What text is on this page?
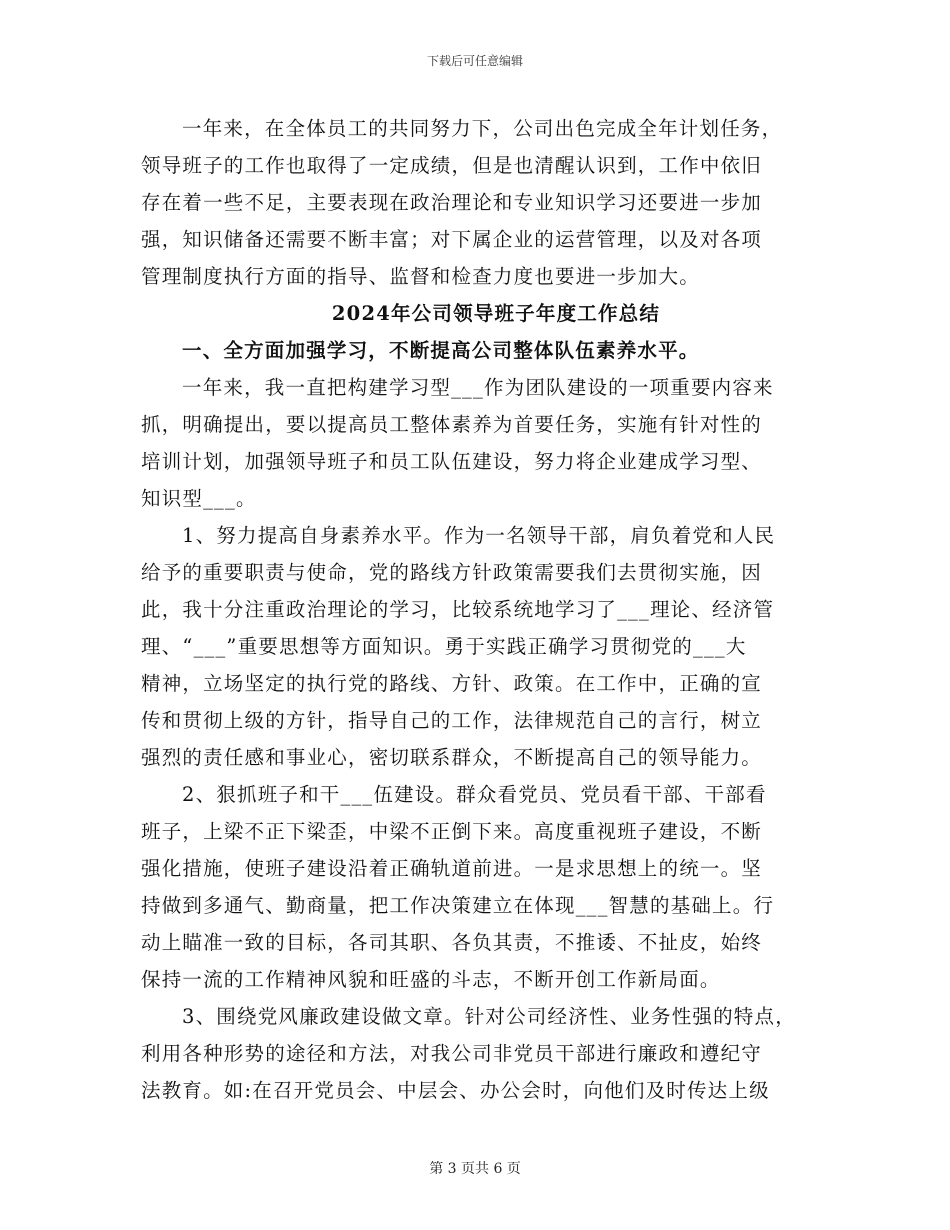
下载后可任意编辑
一年来，在全体员工的共同努力下，公司出色完成全年计划任务，
领导班子的工作也取得了一定成绩，但是也清醒认识到，工作中依旧
存在着一些不足，主要表现在政治理论和专业知识学习还要进一步加
强，知识储备还需要不断丰富；对下属企业的运营管理，以及对各项
管理制度执行方面的指导、监督和检查力度也要进一步加大。
2024年公司领导班子年度工作总结
一、全方面加强学习，不断提高公司整体队伍素养水平。
一年来，我一直把构建学习型___作为团队建设的一项重要内容来
抓，明确提出，要以提高员工整体素养为首要任务，实施有针对性的
培训计划，加强领导班子和员工队伍建设，努力将企业建成学习型、
知识型___。
1、努力提高自身素养水平。作为一名领导干部，肩负着党和人民
给予的重要职责与使命，党的路线方针政策需要我们去贯彻实施，因
此，我十分注重政治理论的学习，比较系统地学习了___理论、经济管
理、“___”重要思想等方面知识。勇于实践正确学习贯彻党的___大
精神，立场坚定的执行党的路线、方针、政策。在工作中，正确的宣
传和贯彻上级的方针，指导自己的工作，法律规范自己的言行，树立
强烈的责任感和事业心，密切联系群众，不断提高自己的领导能力。
2、狠抓班子和干___伍建设。群众看党员、党员看干部、干部看
班子，上梁不正下梁歪，中梁不正倒下来。高度重视班子建设，不断
强化措施，使班子建设沿着正确轨道前进。一是求思想上的统一。坚
持做到多通气、勤商量，把工作决策建立在体现___智慧的基础上。行
动上瞄准一致的目标，各司其职、各负其责，不推诿、不扯皮，始终
保持一流的工作精神风貌和旺盛的斗志，不断开创工作新局面。
3、围绕党风廉政建设做文章。针对公司经济性、业务性强的特点，
利用各种形势的途径和方法，对我公司非党员干部进行廉政和遵纪守
法教育。如:在召开党员会、中层会、办公会时，向他们及时传达上级
第 3 页共 6 页
